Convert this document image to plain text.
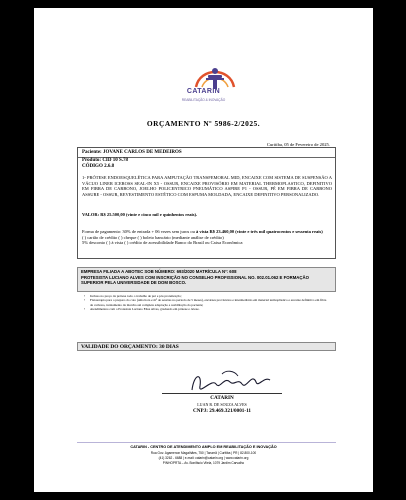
CATARIN
REABILITAÇÃO & INOVAÇÃO
ORÇAMENTO Nº 5986-2/2025.
Curitiba, 05 de Fevereiro de 2025.
Paciente: JOVANE CARLOS DE MEDEIROS
Produto: CID 10 S.78
CÓDIGO 2.6.8
1- PRÓTESE ENDOESQUELÉTICA PARA AMPUTAÇÃO TRANSFEMORAL MID, ENCAIXE COM SISTEMA DE SUSPENSÃO A VÁCUO LINER ICEROSS SEAL-IN X5 - OSSUR, ENCAIXE PROVISÓRIO EM MATERIAL THERMOPLASTICO, DEFINITIVO EM FIBRA DE CARBONO, JOELHO POLICENTRICO PNEUMÁTICO ASPIRE P1 - OSSUR, PÉ EM FIBRA DE CARBONO ASSURE - OSSUR, REVESTIMENTO ESTÉTICO COM ESPUMA MOLDADA, ENCAIXE DEFINITIVO PERSONALIZADO.
VALOR: R$ 25.500,00 (vinte e cinco mil e quinhentos reais).
Forma de pagamento: 30% de entrada + 06 vezes sem juros ou à vista R$ 23.460,00 (vinte e três mil quatrocentos e sessenta reais)
( ) cartão de crédito ( ) cheque ( ) boleto bancário (mediante análise de crédito)
5% desconto ( ) à vista ( ) crédito de acessibilidade Banco do Brasil ou Caixa Econômica
EMPRESA FILIADA A ABOTEC SOB NÚMERO: 693/2020 MATRÍCULA Nº: 608
PROTESISTA LUCIANO ALVES COM INSCRIÇÃO NO CONSELHO PROFISSIONAL NO. 002.01.062 E FORMAÇÃO SUPERIOR PELA UNIVERSIDADE DE DOM BOSCO.
• Incluso no preço da prótese todo o trabalho de pré e pós protetização;
• Fisioterapia para o preparo do coto (uma hora e m² de sessões no período de 5 meses), encaixes provisórios e intermediário em material termoplástico e encaixe definitivo em fibra de carbono, treinamento da marcha até completa adaptação e reabilitação do paciente;
• Atendimentos com o Protesista Luciano Elias Alves, graduado em prótese e órtese.
VALIDADE DO ORÇAMENTO: 30 DIAS
CATARIN
LUAN R. DE SOUZA ALVES
CNPJ: 29.469.321/0001-11
CATARIN - CENTRO DE ATENDIMENTO AMPLO EM REABILITAÇÃO E INOVAÇÃO
Rua Gov. Agamenon Magalhães, 750 | Tarumã | Curitiba | PR | 82.800-100
(41) 3262 - 6688 | e-mail: catarin@catarin.org | www.catarin.org
PINHOPRTA – Av. Bonifácio Vilela, 1079 Jardim Carvalho
